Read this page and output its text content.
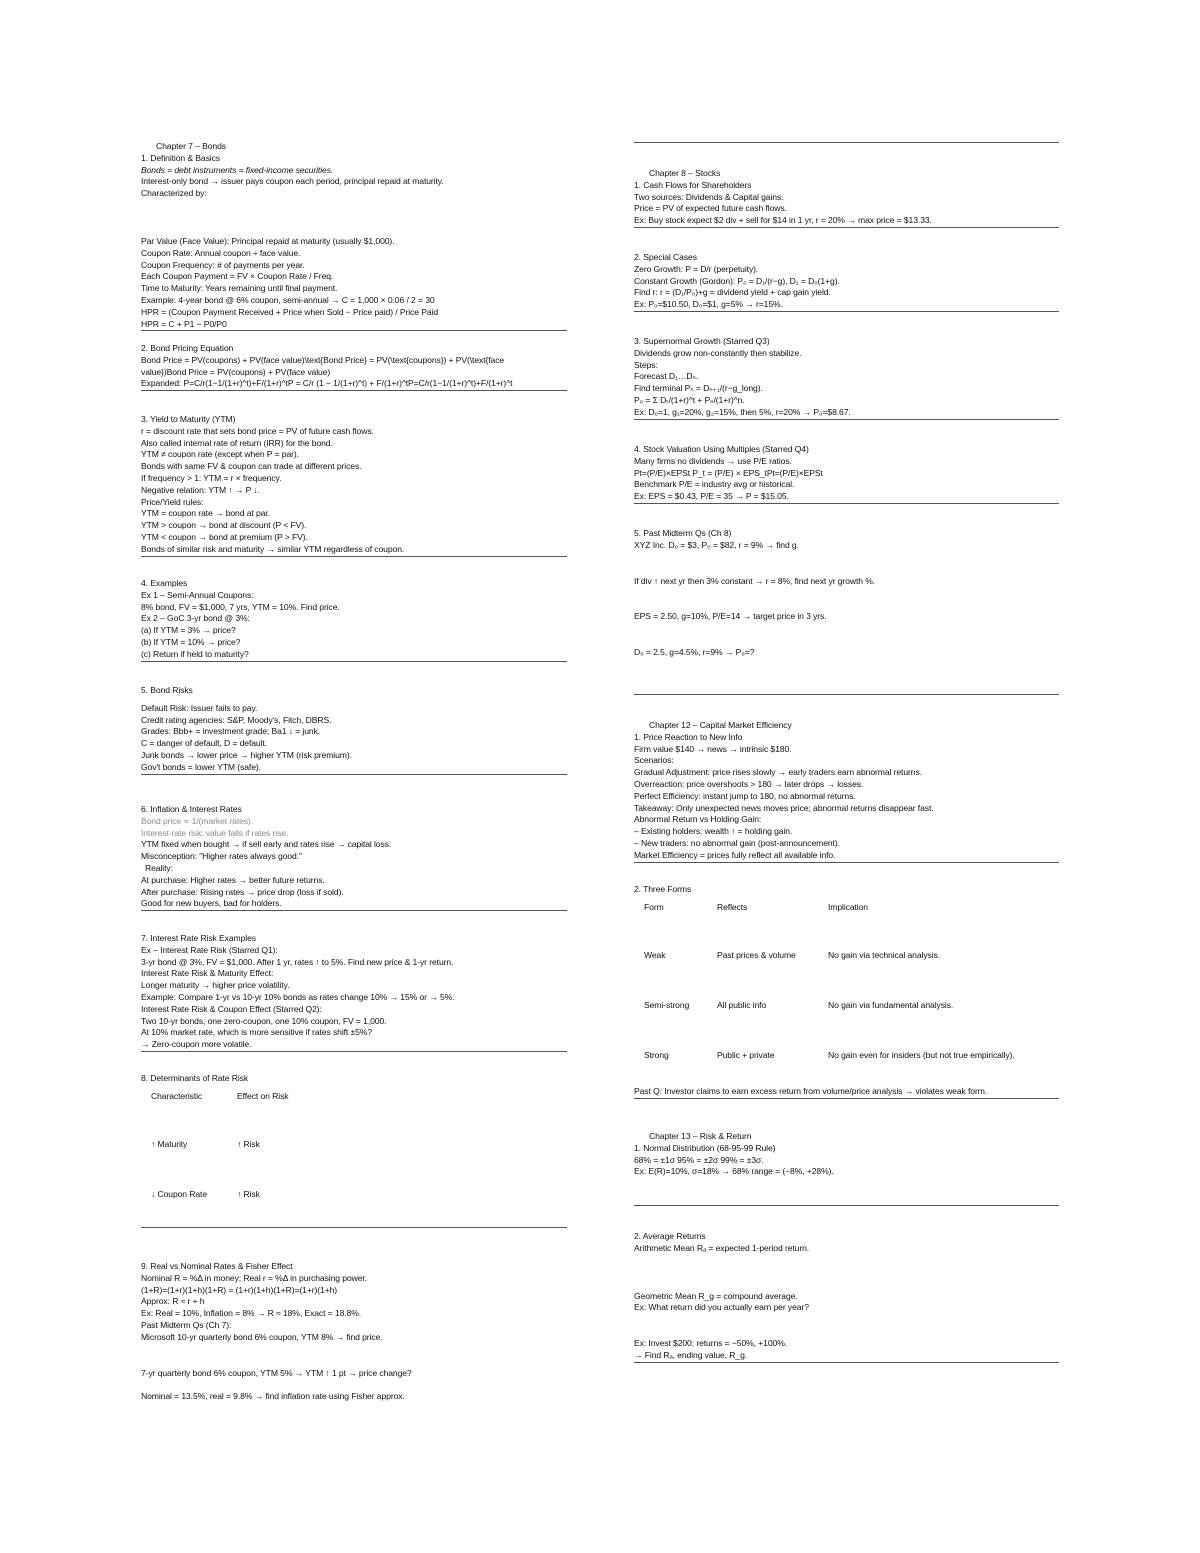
Chapter 7 – Bonds
1. Definition & Basics
Bonds = debt instruments = fixed-income securities.
Interest-only bond → issuer pays coupon each period, principal repaid at maturity.
Characterized by:
Par Value (Face Value): Principal repaid at maturity (usually $1,000).
Coupon Rate: Annual coupon ÷ face value.
Coupon Frequency: # of payments per year.
Each Coupon Payment = FV × Coupon Rate / Freq.
Time to Maturity: Years remaining until final payment.
Example: 4-year bond @ 6% coupon, semi-annual → C = 1,000 × 0.06 / 2 = 30
HPR = (Coupon Payment Received + Price when Sold − Price paid) / Price Paid
HPR = C + P1 − P0/P0
2. Bond Pricing Equation
Bond Price = PV(coupons) + PV(face value)\text{Bond Price} = PV(\text{coupons}) + PV(\text{face
value})Bond Price = PV(coupons) + PV(face value)
Expanded: P=C/r(1−1/(1+r)^t)+F/(1+r)^tP = C/r (1 − 1/(1+r)^t) + F/(1+r)^tP=C/r(1−1/(1+r)^t)+F/(1+r)^t
3. Yield to Maturity (YTM)
r = discount rate that sets bond price = PV of future cash flows.
Also called internal rate of return (IRR) for the bond.
YTM ≠ coupon rate (except when P = par).
Bonds with same FV & coupon can trade at different prices.
If frequency > 1: YTM = r × frequency.
Negative relation: YTM ↑ → P ↓.
Price/Yield rules:
YTM = coupon rate → bond at par.
YTM > coupon → bond at discount (P < FV).
YTM < coupon → bond at premium (P > FV).
Bonds of similar risk and maturity → similar YTM regardless of coupon.
4. Examples
Ex 1 – Semi-Annual Coupons:
8% bond, FV = $1,000, 7 yrs, YTM = 10%. Find price.
Ex 2 – GoC 3-yr bond @ 3%:
(a) If YTM = 3% → price?
(b) If YTM = 10% → price?
(c) Return if held to maturity?
5. Bond Risks
Default Risk: Issuer fails to pay.
Credit rating agencies: S&P, Moody's, Fitch, DBRS.
Grades: Bbb+ = investment grade; Ba1 ↓ = junk.
C = danger of default, D = default.
Junk bonds → lower price → higher YTM (risk premium).
Gov't bonds = lower YTM (safe).
6. Inflation & Interest Rates
Bond price ∝ 1/(market rates).
Interest-rate risk: value falls if rates rise.
YTM fixed when bought → if sell early and rates rise → capital loss.
Misconception: "Higher rates always good."
Reality:
At purchase: Higher rates → better future returns.
After purchase: Rising rates → price drop (loss if sold).
Good for new buyers, bad for holders.
7. Interest Rate Risk Examples
Ex – Interest Rate Risk (Starred Q1):
3-yr bond @ 3%, FV = $1,000. After 1 yr, rates ↑ to 5%. Find new price & 1-yr return.
Interest Rate Risk & Maturity Effect:
Longer maturity → higher price volatility.
Example: Compare 1-yr vs 10-yr 10% bonds as rates change 10% → 15% or → 5%.
Interest Rate Risk & Coupon Effect (Starred Q2):
Two 10-yr bonds, one zero-coupon, one 10% coupon, FV = 1,000.
At 10% market rate, which is more sensitive if rates shift ±5%?
→ Zero-coupon more volatile.
8. Determinants of Rate Risk
Characteristic	Effect on Risk
↑ Maturity	↑ Risk
↓ Coupon Rate	↑ Risk
9. Real vs Nominal Rates & Fisher Effect
Nominal R = %Δ in money; Real r = %Δ in purchasing power.
(1+R)=(1+r)(1+h)(1+R) = (1+r)(1+h)(1+R)=(1+r)(1+h)
Approx: R ≈ r + h
Ex: Real = 10%, Inflation = 8% → R ≈ 18%, Exact = 18.8%.
Past Midterm Qs (Ch 7):
Microsoft 10-yr quarterly bond 6% coupon, YTM 8% → find price.
7-yr quarterly bond 6% coupon, YTM 5% → YTM ↑ 1 pt → price change?
Nominal = 13.5%, real = 9.8% → find inflation rate using Fisher approx.
Chapter 8 – Stocks
1. Cash Flows for Shareholders
Two sources: Dividends & Capital gains.
Price = PV of expected future cash flows.
Ex: Buy stock expect $2 div + sell for $14 in 1 yr, r = 20% → max price = $13.33.
2. Special Cases
Zero Growth: P = D/r (perpetuity).
Constant Growth (Gordon): P₀ = D₁/(r−g), D₁ = D₀(1+g).
Find r: r = (D₁/P₀)+g = dividend yield + cap gain yield.
Ex: P₀=$10.50, D₀=$1, g=5% → r=15%.
3. Supernormal Growth (Starred Q3)
Dividends grow non-constantly then stabilize.
Steps:
Forecast D₁…Dₙ.
Find terminal Pₙ = Dₙ₊₁/(r−g_long).
P₀ = Σ Dₜ/(1+r)^t + Pₙ/(1+r)^n.
Ex: D₀=1, g₁=20%, g₂=15%, then 5%, r=20% → P₀=$8.67.
4. Stock Valuation Using Multiples (Starred Q4)
Many firms no dividends → use P/E ratios.
Pt=(P/E)×EPSt P_t = (P/E) × EPS_tPt=(P/E)×EPSt
Benchmark P/E = industry avg or historical.
Ex: EPS = $0.43, P/E = 35 → P = $15.05.
5. Past Midterm Qs (Ch 8)
XYZ Inc. D₀ = $3, P₀ = $82, r = 9% → find g.
If div ↑ next yr then 3% constant → r = 8%, find next yr growth %.
EPS = 2.50, g=10%, P/E=14 → target price in 3 yrs.
D₀ = 2.5, g=4.5%, r=9% → P₀=?
Chapter 12 – Capital Market Efficiency
1. Price Reaction to New Info
Firm value $140 → news → intrinsic $180.
Scenarios:
Gradual Adjustment: price rises slowly → early traders earn abnormal returns.
Overreaction: price overshoots > 180 → later drops → losses.
Perfect Efficiency: instant jump to 180, no abnormal returns.
Takeaway: Only unexpected news moves price; abnormal returns disappear fast.
Abnormal Return vs Holding Gain:
– Existing holders: wealth ↑ = holding gain.
– New traders: no abnormal gain (post-announcement).
Market Efficiency = prices fully reflect all available info.
2. Three Forms
Form	Reflects	Implication
Weak	Past prices & volume	No gain via technical analysis.
Semi-strong	All public info	No gain via fundamental analysis.
Strong	Public + private	No gain even for insiders (but not true empirically).
Past Q: Investor claims to earn excess return from volume/price analysis → violates weak form.
Chapter 13 – Risk & Return
1. Normal Distribution (68-95-99 Rule)
68% = ±1σ 95% = ±2σ 99% = ±3σ.
Ex: E(R)=10%, σ=18% → 68% range = (−8%, +28%).
2. Average Returns
Arithmetic Mean Rₐ = expected 1-period return.
Geometric Mean R_g = compound average.
Ex: What return did you actually earn per year?
Ex: Invest $200; returns = −50%, +100%.
→ Find Rₐ, ending value, R_g.
